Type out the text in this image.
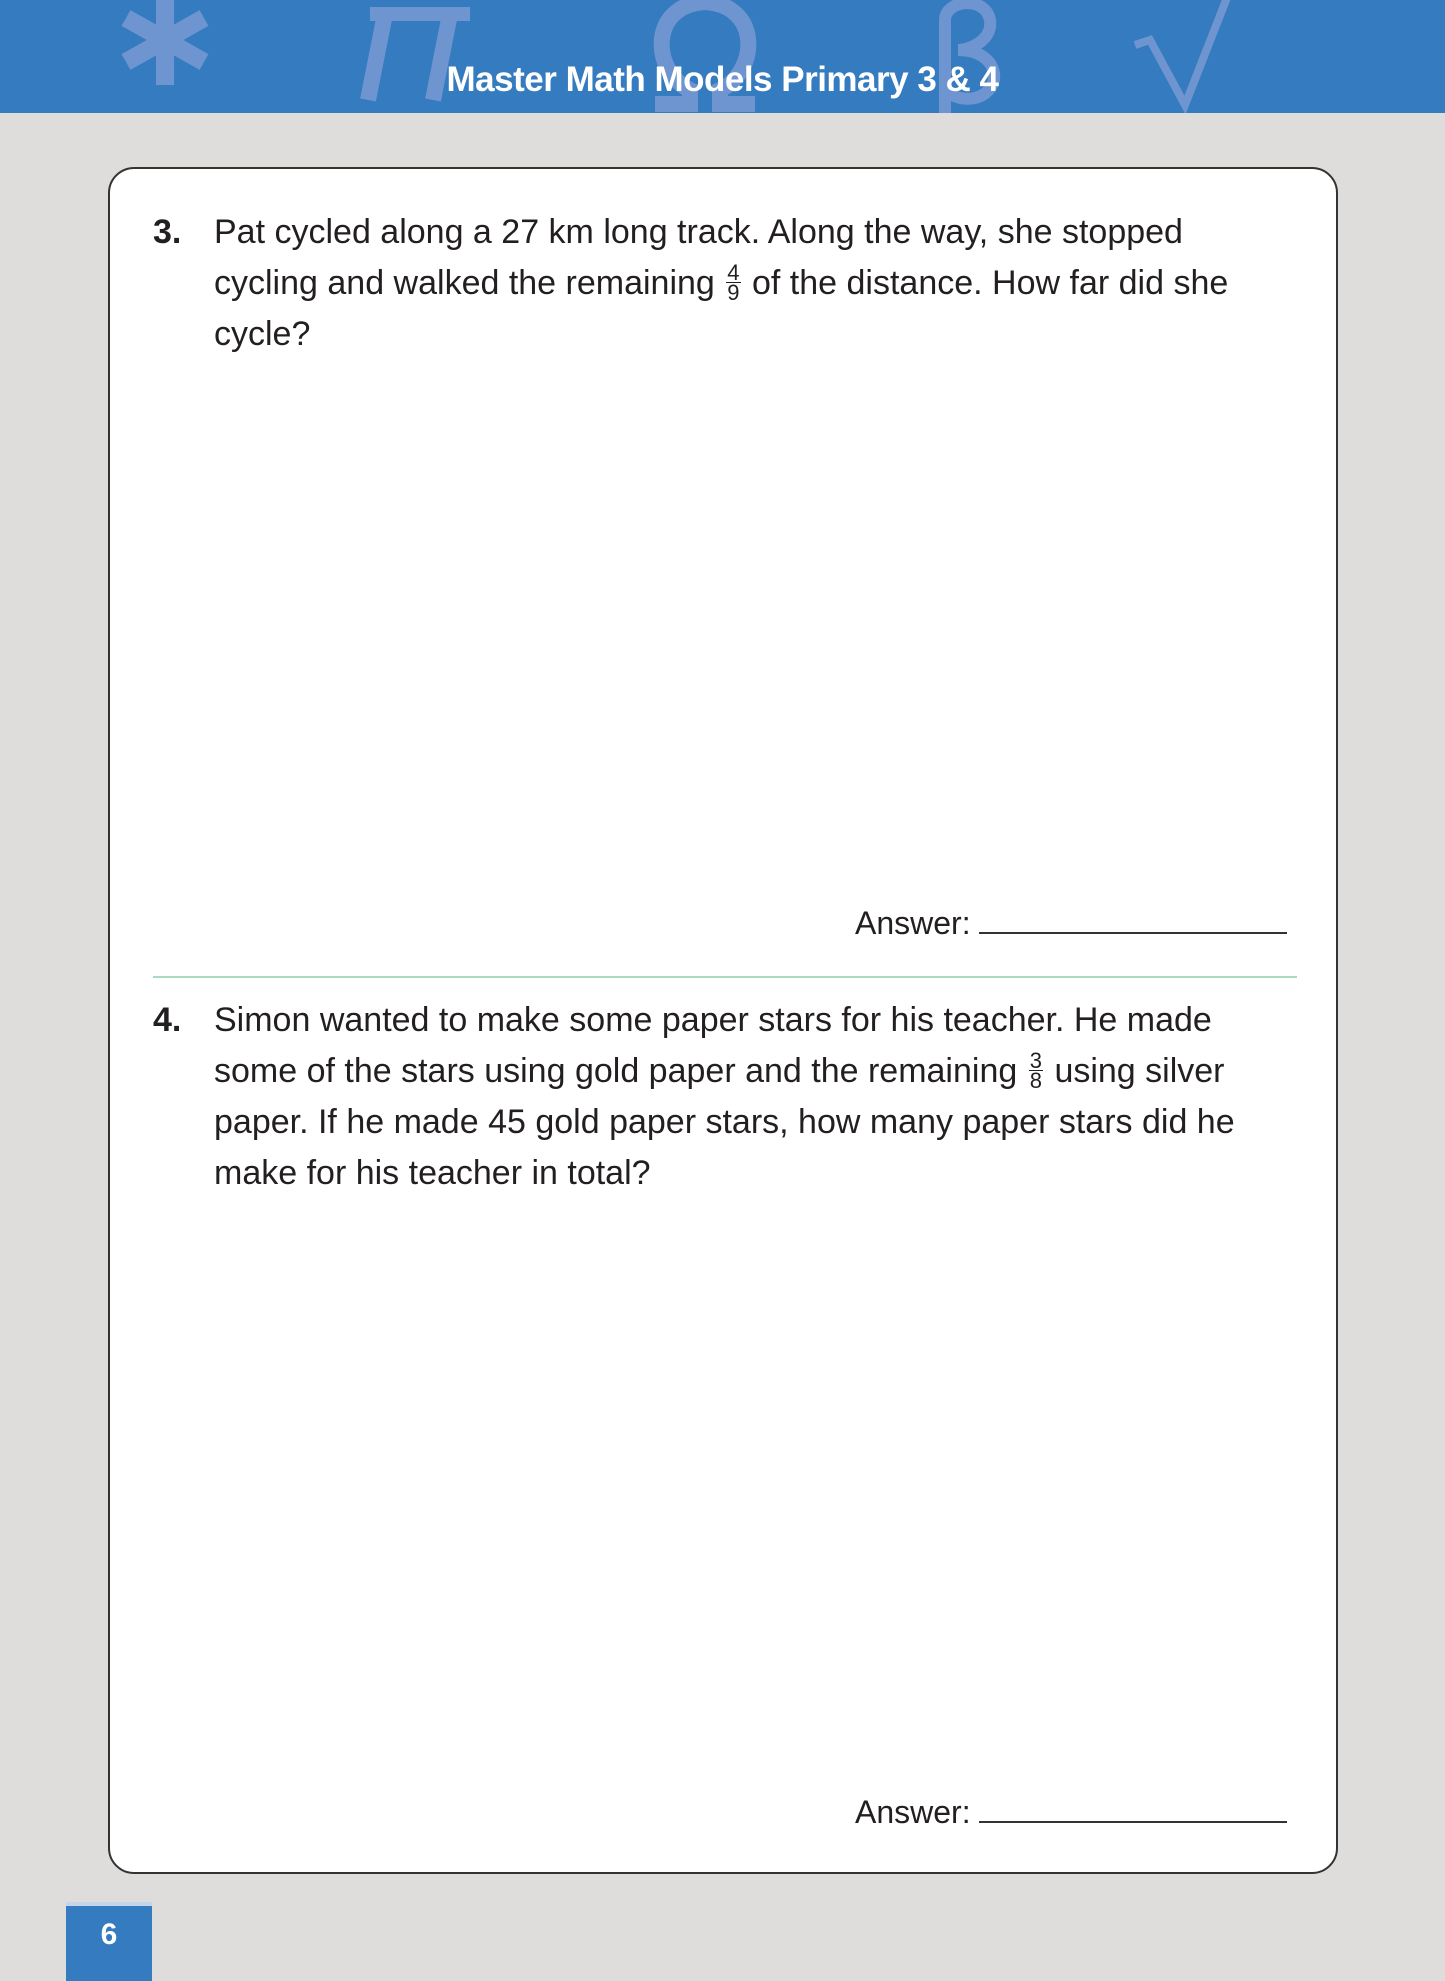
Master Math Models Primary 3 & 4
3. Pat cycled along a 27 km long track. Along the way, she stopped cycling and walked the remaining $\frac{4}{9}$ of the distance. How far did she cycle?
Answer:
4. Simon wanted to make some paper stars for his teacher. He made some of the stars using gold paper and the remaining $\frac{3}{8}$ using silver paper. If he made 45 gold paper stars, how many paper stars did he make for his teacher in total?
Answer:
6
